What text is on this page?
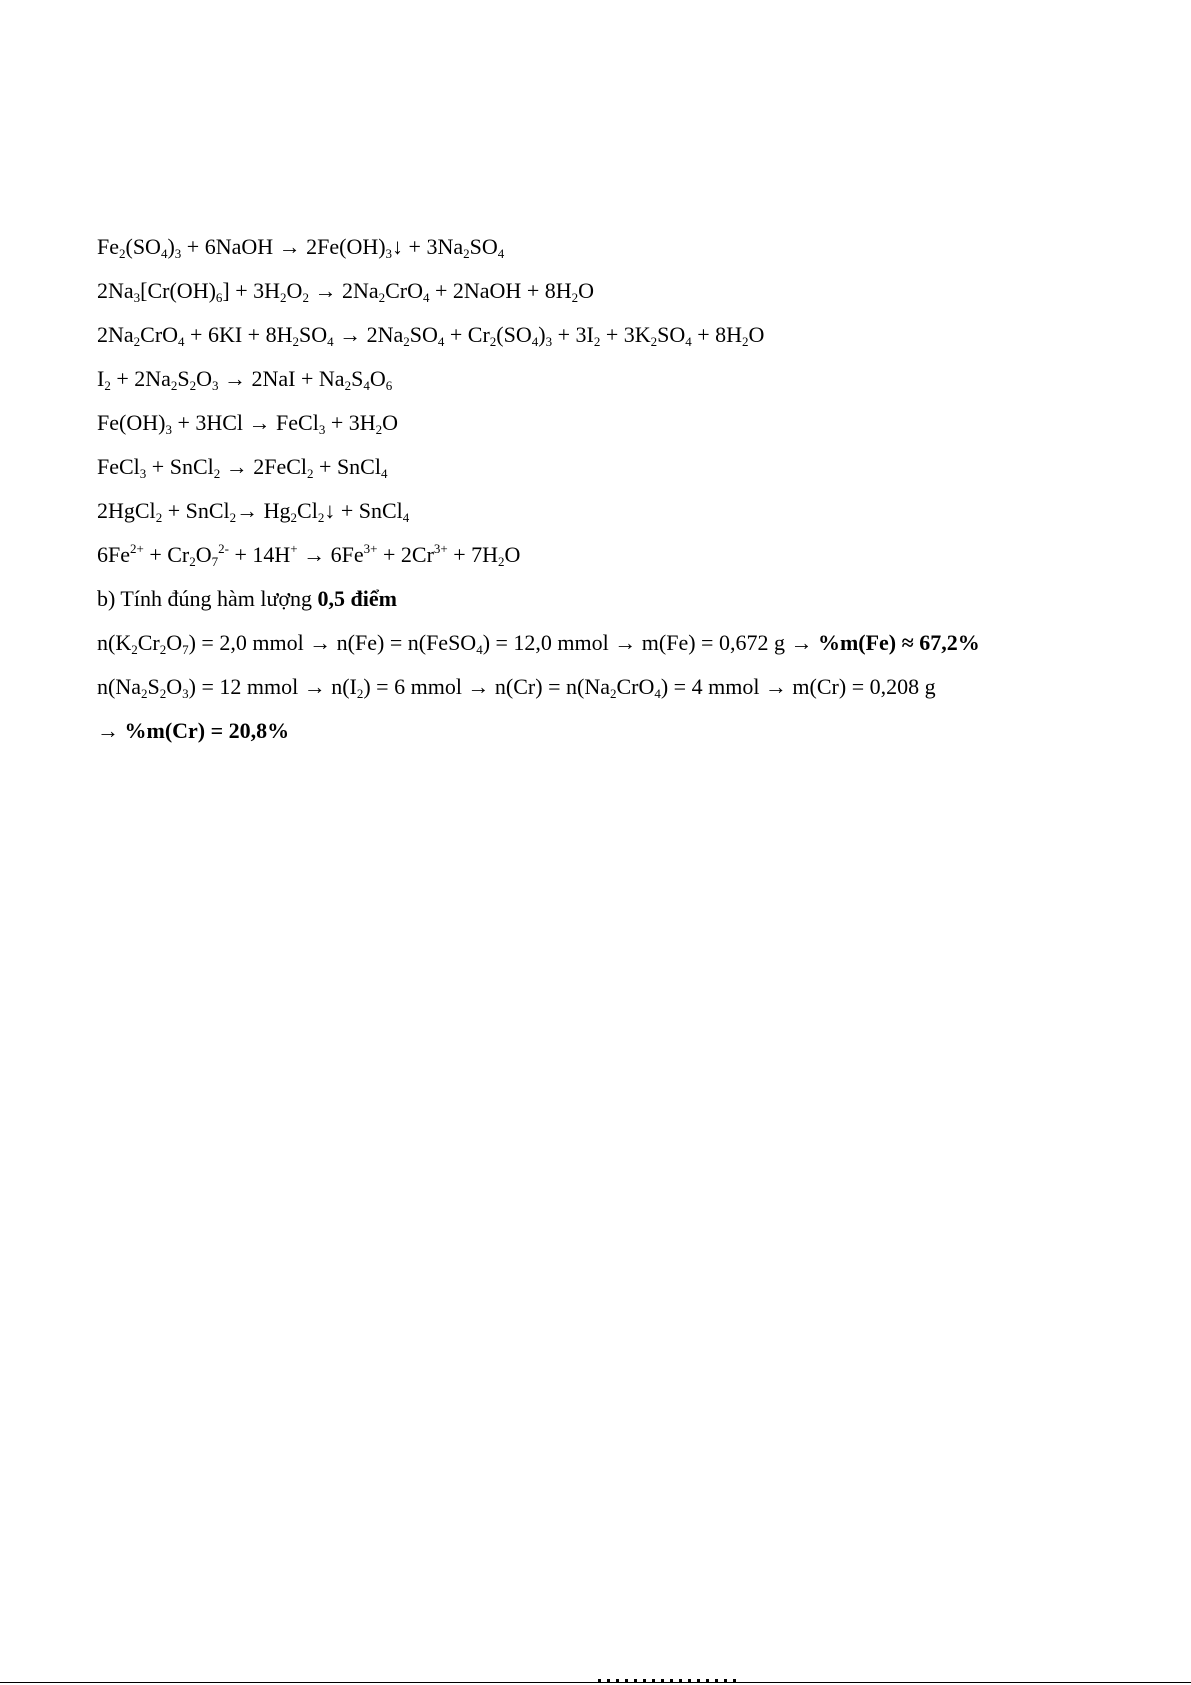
$Fe_2(SO_4)_3$ + 6NaOH → $2Fe(OH)_3↓ + 3Na_2SO_4$
$2Na_3[Cr(OH)_6] + 3H_2O_2 \to 2Na_2CrO_4$ + 2NaOH + $8H_2O$
$2Na_2CrO_4 + 6KI + 8H_2SO_4 \to 2Na_2SO_4 + Cr_2(SO_4)_3 + 3I_2 + 3K_2SO_4 + 8H_2O$
$I_2 + 2Na_2S_2O_3 \to 2NaI + Na_2S_4O_6$
$Fe(OH)_3 + 3HCl$ → FeCl$_3$ + $3H_2O$
FeCl$_3$ + SnCl$_2$ → 2FeCl$_2$ + SnCl$_4$
2HgCl$_2$ + SnCl$_2$→ $Hg_2Cl_2↓$ + SnCl$_4$
$6Fe^{2+} + Cr_2O_7^{2-} + 14H^+ \to 6Fe^{3+} + 2Cr^{3+} + 7H_2O$
b) Tính đúng hàm lượng 0,5 điểm
$n(K_2Cr_2O_7) = 2,0$ mmol → n(Fe) = n(FeSO$_4$) = 12,0 mmol → m(Fe) = 0,672 g → %m(Fe) ≈ 67,2%
$n(Na_2S_2O_3) = 12$ mmol → $n(I_2) = 6$ mmol → $n(Cr) = n(Na_2CrO_4) = 4$ mmol → m(Cr) = 0,208 g
→ %m(Cr) = 20,8%
